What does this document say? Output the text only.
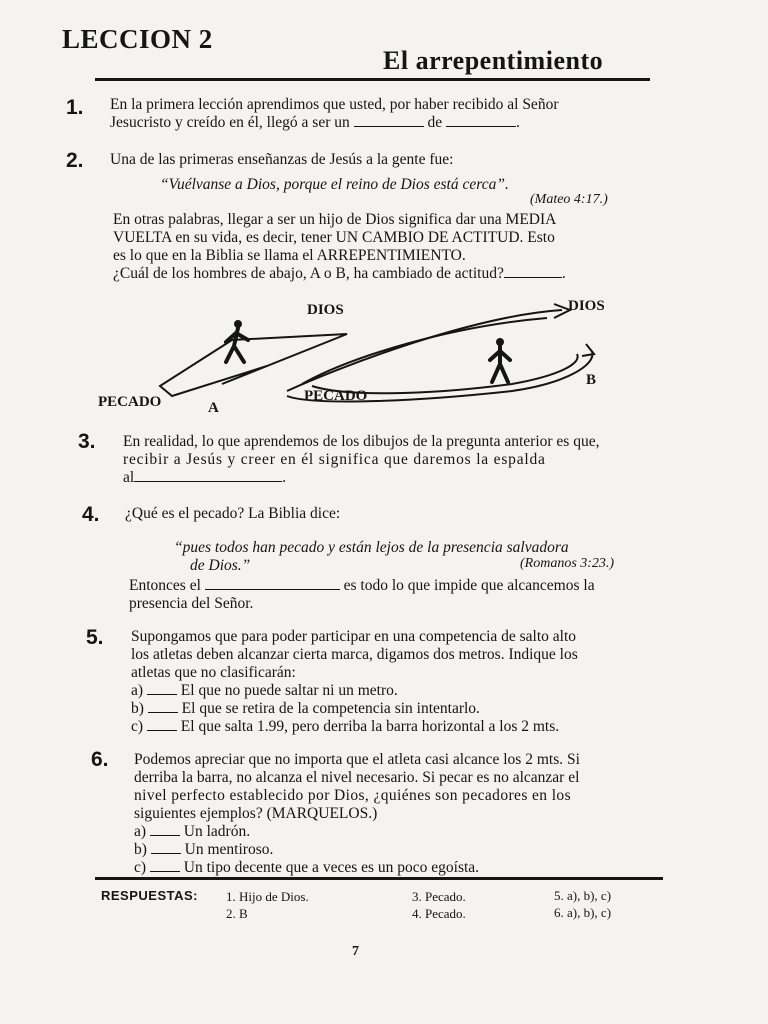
LECCION 2
El arrepentimiento
1. En la primera lección aprendimos que usted, por haber recibido al Señor
Jesucristo y creído en él, llegó a ser un	de	.
2. Una de las primeras enseñanzas de Jesús a la gente fue:
“Vuélvanse a Dios, porque el reino de Dios está cerca”.
(Mateo 4:17.)
En otras palabras, llegar a ser un hijo de Dios significa dar una MEDIA
VUELTA en su vida, es decir, tener UN CAMBIO DE ACTITUD. Esto
es lo que en la Biblia se llama el ARREPENTIMIENTO.
¿Cuál de los hombres de abajo, A o B, ha cambiado de actitud?	.
DIOS	DIOS
PECADO	PECADO
A
B
3. En realidad, lo que aprendemos de los dibujos de la pregunta anterior es que,
recibir a Jesús y creer en él significa que daremos la espalda
al	.
4. ¿Qué es el pecado? La Biblia dice:
“pues todos han pecado y están lejos de la presencia salvadora
de Dios.”	(Romanos 3:23.)
Entonces el	es todo lo que impide que alcancemos la
presencia del Señor.
5. Supongamos que para poder participar en una competencia de salto alto
los atletas deben alcanzar cierta marca, digamos dos metros. Indique los
atletas que no clasificarán:
a) El que no puede saltar ni un metro.
b) El que se retira de la competencia sin intentarlo.
c) El que salta 1.99, pero derriba la barra horizontal a los 2 mts.
6. Podemos apreciar que no importa que el atleta casi alcance los 2 mts. Si
derriba la barra, no alcanza el nivel necesario. Si pecar es no alcanzar el
nivel perfecto establecido por Dios, ¿quiénes son pecadores en los
siguientes ejemplos? (MARQUELOS.)
a) Un ladrón.
b) Un mentiroso.
c) Un tipo decente que a veces es un poco egoísta.
RESPUESTAS: 1. Hijo de Dios.
2. B
3. Pecado.
4. Pecado.
5. a), b), c)
6. a), b), c)
7
